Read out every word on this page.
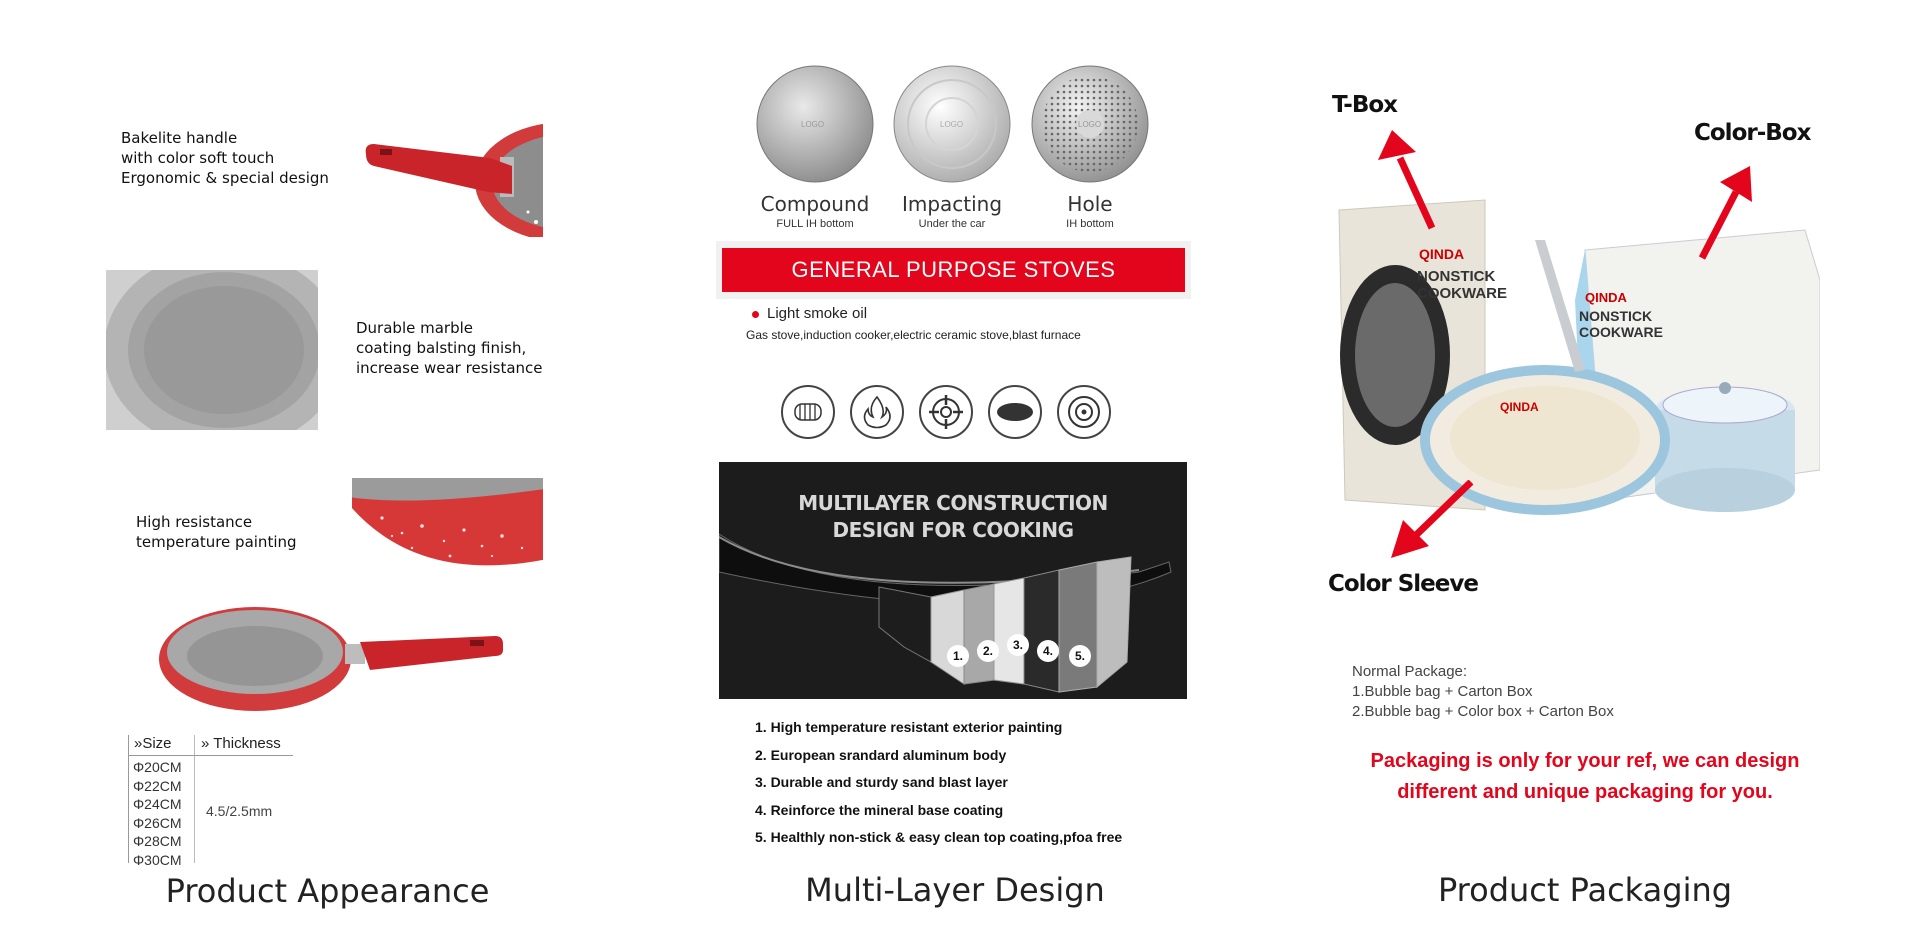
Bakelite handle
with color soft touch
Ergonomic & special design
Durable marble
coating balsting finish,
increase wear resistance
High resistance
temperature painting
»Size » Thickness
Φ20CM
Φ22CM
Φ24CM
Φ26CM
Φ28CM
Φ30CM
4.5/2.5mm
Product Appearance
LOGO	LOGO	LOGO
Compound
FULL IH bottom
Impacting
Under the car
Hole
IH bottom
GENERAL PURPOSE STOVES
Light smoke oil
Gas stove,induction cooker,electric ceramic stove,blast furnace
MULTILAYER CONSTRUCTION
DESIGN FOR COOKING
1.	2.	3.	4.	5.
1. High temperature resistant exterior painting
2. European srandard aluminum body
3. Durable and sturdy sand blast layer
4. Reinforce the mineral base coating
5. Healthly non-stick & easy clean top coating,pfoa free
Multi-Layer Design
QINDA
NONSTICK
COOKWARE	QINDA
NONSTICK
COOKWARE
QINDA
T-Box
Color-Box
Color Sleeve
Normal Package:
1.Bubble bag + Carton Box
2.Bubble bag + Color box + Carton Box
Packaging is only for your ref, we can design
different and unique packaging for you.
Product Packaging
